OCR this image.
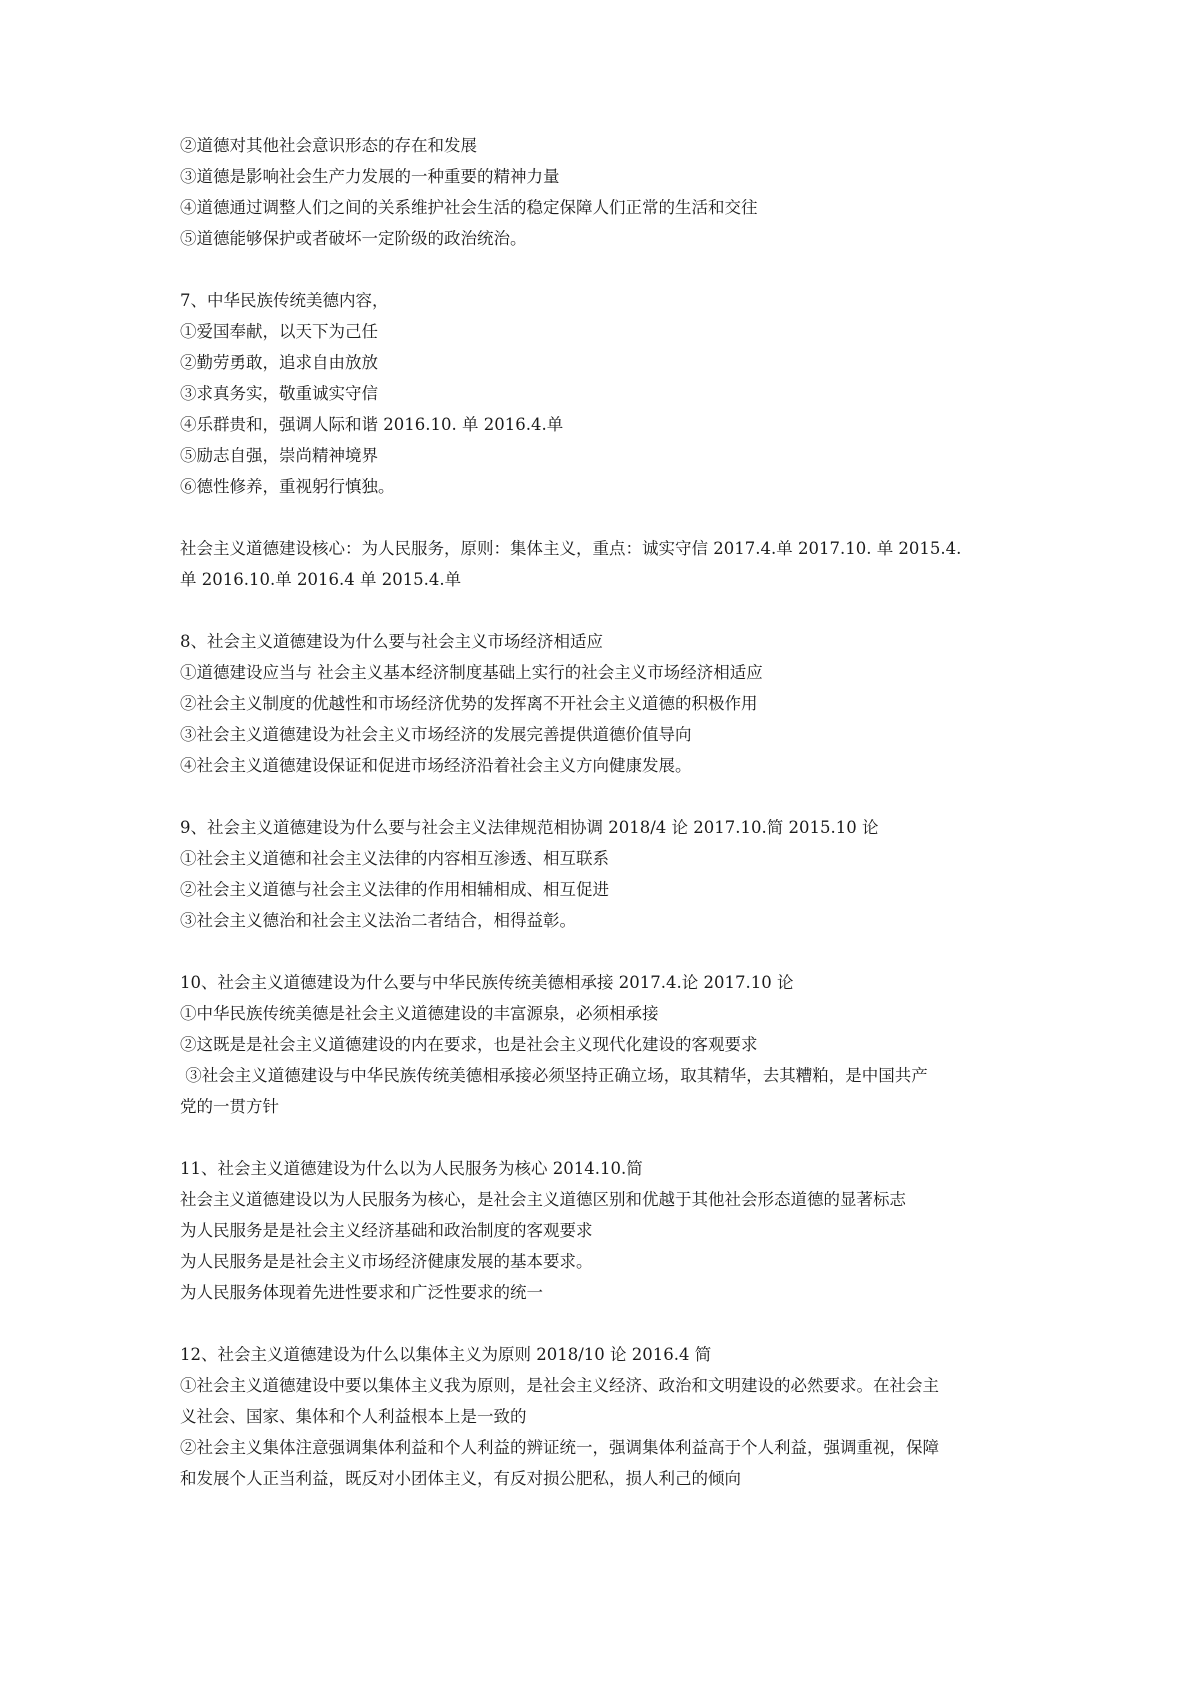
②道德对其他社会意识形态的存在和发展

③道德是影响社会生产力发展的一种重要的精神力量

④道德通过调整人们之间的关系维护社会生活的稳定保障人们正常的生活和交往

⑤道德能够保护或者破坏一定阶级的政治统治。

7、中华民族传统美德内容，

①爱国奉献，以天下为己任

②勤劳勇敢，追求自由放放

③求真务实，敬重诚实守信

④乐群贵和，强调人际和谐 2016.10. 单 2016.4.单

⑤励志自强，崇尚精神境界

⑥德性修养，重视躬行慎独。

社会主义道德建设核心：为人民服务，原则：集体主义，重点：诚实守信 2017.4.单 2017.10. 单 2015.4.

单 2016.10.单 2016.4 单 2015.4.单

8、社会主义道德建设为什么要与社会主义市场经济相适应

①道德建设应当与 社会主义基本经济制度基础上实行的社会主义市场经济相适应

②社会主义制度的优越性和市场经济优势的发挥离不开社会主义道德的积极作用

③社会主义道德建设为社会主义市场经济的发展完善提供道德价值导向

④社会主义道德建设保证和促进市场经济沿着社会主义方向健康发展。

9、社会主义道德建设为什么要与社会主义法律规范相协调 2018/4 论 2017.10.简 2015.10 论

①社会主义道德和社会主义法律的内容相互渗透、相互联系

②社会主义道德与社会主义法律的作用相辅相成、相互促进

③社会主义德治和社会主义法治二者结合，相得益彰。

10、社会主义道德建设为什么要与中华民族传统美德相承接 2017.4.论 2017.10 论

①中华民族传统美德是社会主义道德建设的丰富源泉，必须相承接

②这既是是社会主义道德建设的内在要求，也是社会主义现代化建设的客观要求

③社会主义道德建设与中华民族传统美德相承接必须坚持正确立场，取其精华，去其糟粕，是中国共产

党的一贯方针

11、社会主义道德建设为什么以为人民服务为核心 2014.10.简

社会主义道德建设以为人民服务为核心，是社会主义道德区别和优越于其他社会形态道德的显著标志

为人民服务是是社会主义经济基础和政治制度的客观要求

为人民服务是是社会主义市场经济健康发展的基本要求。

为人民服务体现着先进性要求和广泛性要求的统一

12、社会主义道德建设为什么以集体主义为原则 2018/10 论 2016.4 简

①社会主义道德建设中要以集体主义我为原则，是社会主义经济、政治和文明建设的必然要求。在社会主

义社会、国家、集体和个人利益根本上是一致的

②社会主义集体注意强调集体利益和个人利益的辨证统一，强调集体利益高于个人利益，强调重视，保障

和发展个人正当利益，既反对小团体主义，有反对损公肥私，损人利己的倾向
